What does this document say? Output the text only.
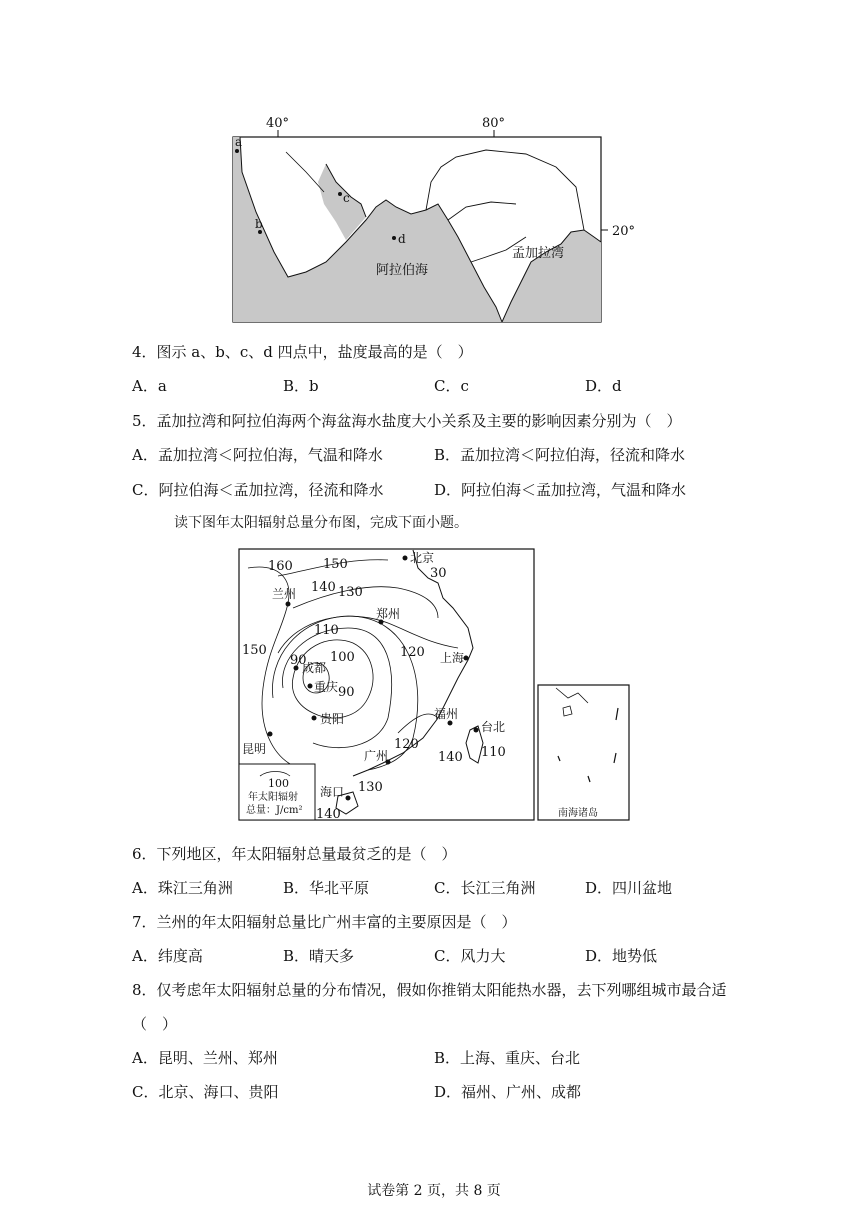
40°	80°
20°
a
b
c
d
阿拉伯海
孟加拉湾
4．图示 a、b、c、d 四点中，盐度最高的是（　）
A．a	B．b	C．c	D．d
5．孟加拉湾和阿拉伯海两个海盆海水盐度大小关系及主要的影响因素分别为（　）
A．孟加拉湾＜阿拉伯海，气温和降水	B．孟加拉湾＜阿拉伯海，径流和降水
C．阿拉伯海＜孟加拉湾，径流和降水	D．阿拉伯海＜孟加拉湾，气温和降水
读下图年太阳辐射总量分布图，完成下面小题。
100
年太阳辐射
总量：J/cm²
北京
兰州
郑州
成都
重庆
贵阳
上海
福州
台北
广州
昆明
海口
160 150
140 130
30
110
100	120
150
90
90
120
110
140
130
140	南海诸岛
6．下列地区，年太阳辐射总量最贫乏的是（　）
A．珠江三角洲	B．华北平原	C．长江三角洲	D．四川盆地
7．兰州的年太阳辐射总量比广州丰富的主要原因是（　）
A．纬度高	B．晴天多	C．风力大	D．地势低
8．仅考虑年太阳辐射总量的分布情况，假如你推销太阳能热水器，去下列哪组城市最合适
（　）
A．昆明、兰州、郑州	B．上海、重庆、台北
C．北京、海口、贵阳	D．福州、广州、成都
试卷第 2 页，共 8 页
